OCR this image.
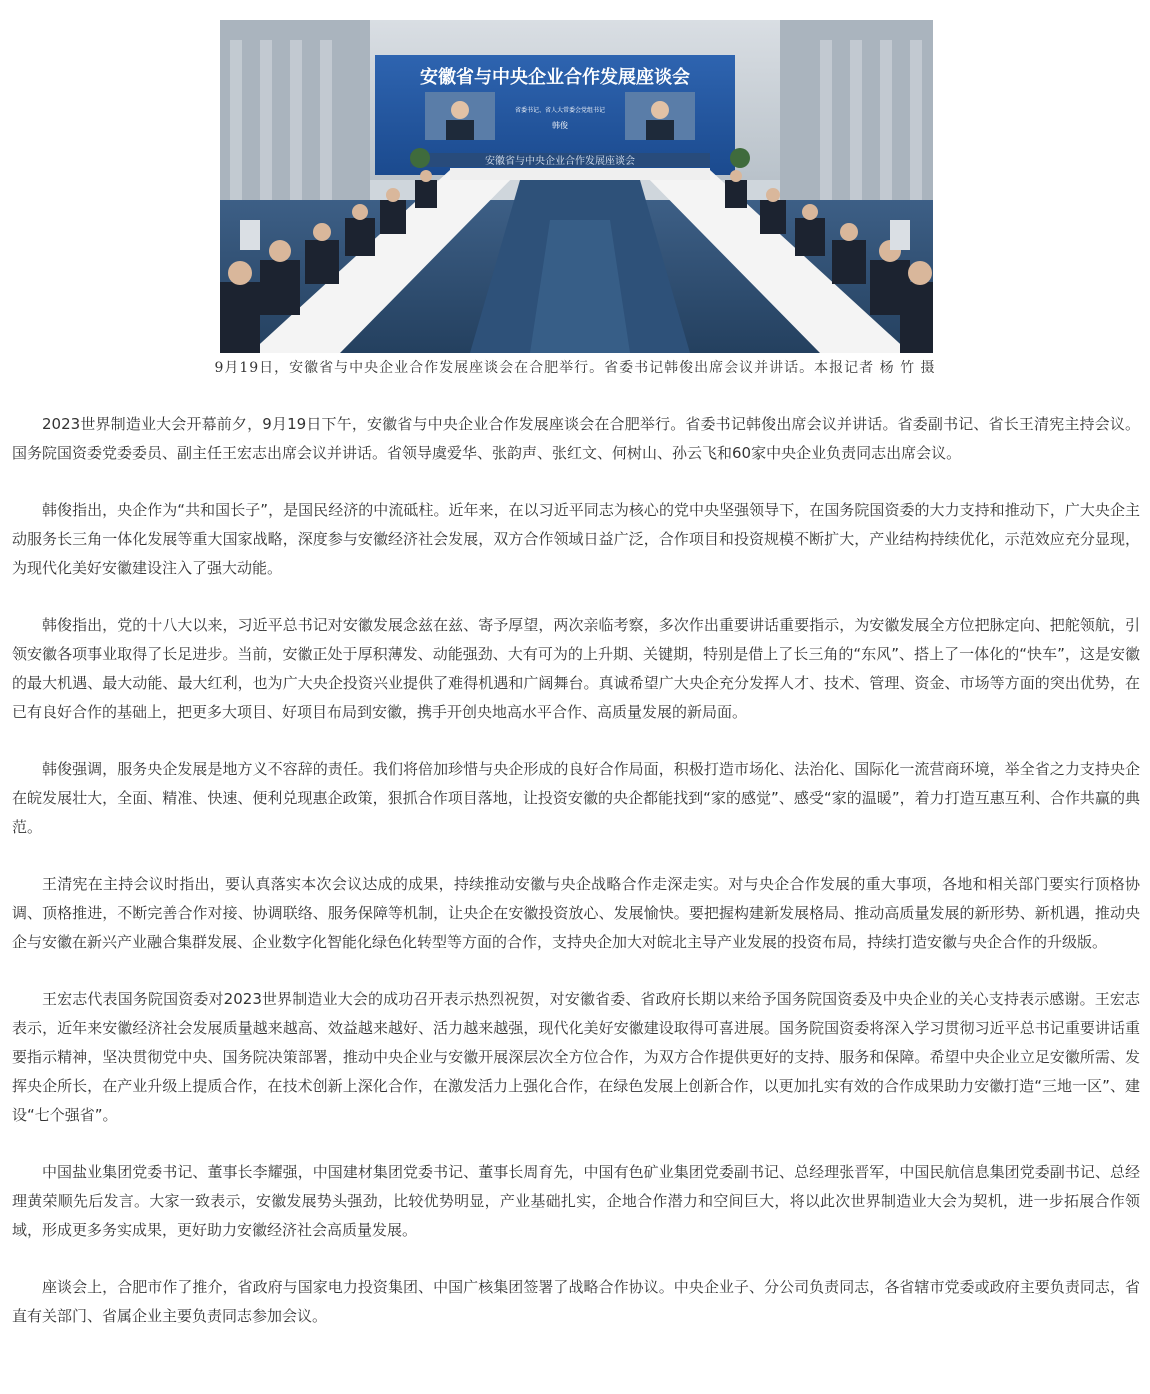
安徽省与中央企业合作发展座谈会
省委书记、省人大常委会党组书记
韩俊
安徽省与中央企业合作发展座谈会
9月19日，安徽省与中央企业合作发展座谈会在合肥举行。省委书记韩俊出席会议并讲话。本报记者 杨 竹 摄

2023世界制造业大会开幕前夕，9月19日下午，安徽省与中央企业合作发展座谈会在合肥举行。省委书记韩俊出席会议并讲话。省委副书记、省长王清宪主持会议。国务院国资委党委委员、副主任王宏志出席会议并讲话。省领导虞爱华、张韵声、张红文、何树山、孙云飞和60家中央企业负责同志出席会议。

韩俊指出，央企作为“共和国长子”，是国民经济的中流砥柱。近年来，在以习近平同志为核心的党中央坚强领导下，在国务院国资委的大力支持和推动下，广大央企主动服务长三角一体化发展等重大国家战略，深度参与安徽经济社会发展，双方合作领域日益广泛，合作项目和投资规模不断扩大，产业结构持续优化，示范效应充分显现，为现代化美好安徽建设注入了强大动能。

韩俊指出，党的十八大以来，习近平总书记对安徽发展念兹在兹、寄予厚望，两次亲临考察，多次作出重要讲话重要指示，为安徽发展全方位把脉定向、把舵领航，引领安徽各项事业取得了长足进步。当前，安徽正处于厚积薄发、动能强劲、大有可为的上升期、关键期，特别是借上了长三角的“东风”、搭上了一体化的“快车”，这是安徽的最大机遇、最大动能、最大红利，也为广大央企投资兴业提供了难得机遇和广阔舞台。真诚希望广大央企充分发挥人才、技术、管理、资金、市场等方面的突出优势，在已有良好合作的基础上，把更多大项目、好项目布局到安徽，携手开创央地高水平合作、高质量发展的新局面。

韩俊强调，服务央企发展是地方义不容辞的责任。我们将倍加珍惜与央企形成的良好合作局面，积极打造市场化、法治化、国际化一流营商环境，举全省之力支持央企在皖发展壮大，全面、精准、快速、便利兑现惠企政策，狠抓合作项目落地，让投资安徽的央企都能找到“家的感觉”、感受“家的温暖”，着力打造互惠互利、合作共赢的典范。

王清宪在主持会议时指出，要认真落实本次会议达成的成果，持续推动安徽与央企战略合作走深走实。对与央企合作发展的重大事项，各地和相关部门要实行顶格协调、顶格推进，不断完善合作对接、协调联络、服务保障等机制，让央企在安徽投资放心、发展愉快。要把握构建新发展格局、推动高质量发展的新形势、新机遇，推动央企与安徽在新兴产业融合集群发展、企业数字化智能化绿色化转型等方面的合作，支持央企加大对皖北主导产业发展的投资布局，持续打造安徽与央企合作的升级版。

王宏志代表国务院国资委对2023世界制造业大会的成功召开表示热烈祝贺，对安徽省委、省政府长期以来给予国务院国资委及中央企业的关心支持表示感谢。王宏志表示，近年来安徽经济社会发展质量越来越高、效益越来越好、活力越来越强，现代化美好安徽建设取得可喜进展。国务院国资委将深入学习贯彻习近平总书记重要讲话重要指示精神，坚决贯彻党中央、国务院决策部署，推动中央企业与安徽开展深层次全方位合作，为双方合作提供更好的支持、服务和保障。希望中央企业立足安徽所需、发挥央企所长，在产业升级上提质合作，在技术创新上深化合作，在激发活力上强化合作，在绿色发展上创新合作，以更加扎实有效的合作成果助力安徽打造“三地一区”、建设“七个强省”。

中国盐业集团党委书记、董事长李耀强，中国建材集团党委书记、董事长周育先，中国有色矿业集团党委副书记、总经理张晋军，中国民航信息集团党委副书记、总经理黄荣顺先后发言。大家一致表示，安徽发展势头强劲，比较优势明显，产业基础扎实，企地合作潜力和空间巨大，将以此次世界制造业大会为契机，进一步拓展合作领域，形成更多务实成果，更好助力安徽经济社会高质量发展。

座谈会上，合肥市作了推介，省政府与国家电力投资集团、中国广核集团签署了战略合作协议。中央企业子、分公司负责同志，各省辖市党委或政府主要负责同志，省直有关部门、省属企业主要负责同志参加会议。
